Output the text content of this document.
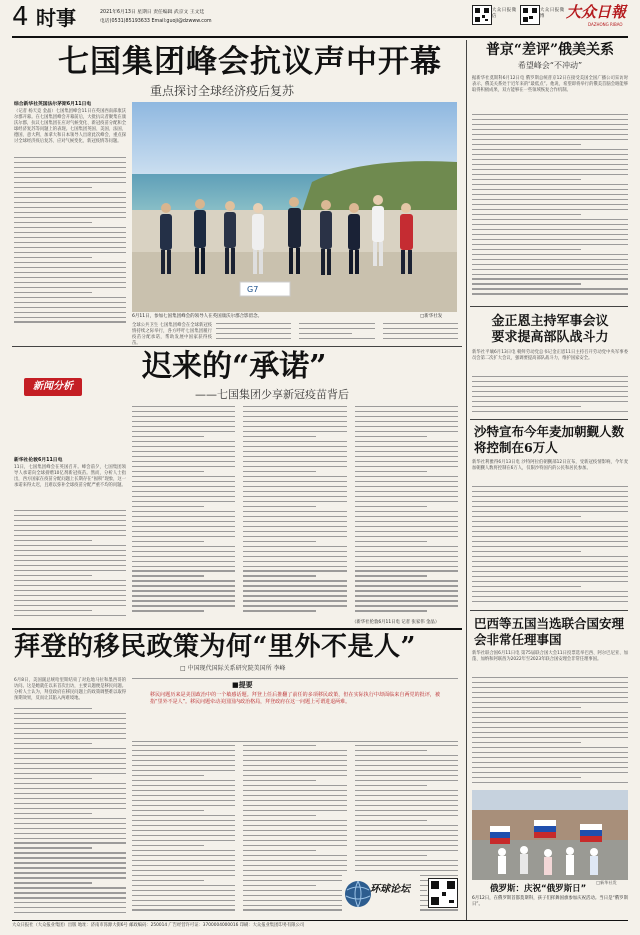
4 时事	2021年6月13日 星期日 责任编辑 武京文 王文廷
电话(0531)85193633 Email:guoji@dzwww.com
大众日报微信
大众日报微博	大众日報
DAZHONG RIBAO
七国集团峰会抗议声中开幕
重点探讨全球经济疫后复苏
综合新华社英国法尔茅斯6月11日电
（记者 杨天竞 金晶）七国集团峰会11日在英国西南部康沃尔郡开幕。在七国集团峰会开幕前后，大批抗议者聚集在康沃尔郡，抗议七国集团在应对气候变化、新冠疫苗分配和全球经济复苏等问题上的表现。七国集团英国、美国、法国、德国、意大利、加拿大和日本领导人出席此次峰会，重点探讨全球经济疫后复苏、应对气候变化、新冠疫情等问题。
G7
6月11日，参加七国集团峰会的领导人在英国康沃尔郡合影留念。	□新华社发
全球公共卫生 七国集团峰会在全球新冠疫情持续之际举行，各方呼吁七国集团履行疫苗分配承诺，帮助发展中国家获得疫苗。
新闻分析
迟来的“承诺”
——七国集团少享新冠疫苗背后
新华社伦敦6月11日电
11日，七国集团峰会在英国召开。峰会前夕，七国集团领导人承诺向全球捐赠10亿剂新冠疫苗。然而，分析人士指出，西方国家在疫苗分配问题上长期存在“囤积”现象，这一承诺来得太迟，且难以弥补全球疫苗分配严重不均的问题。
（新华社伦敦6月11日电 记者 张家伟 金晶）
拜登的移民政策为何“里外不是人”
□ 中国现代国际关系研究院美国所 李峰
6月8日，美国副总统哈里斯结束了对危地马拉和墨西哥的访问。这是她就任以来首次出访，主要议题便是移民问题。分析人士认为，拜登政府在移民问题上的政策调整难以取得预期效果，反而让其陷入两难境地。
■提要
移民问题历来是美国政治中的一个敏感话题。拜登上任后推翻了前任的多项移民政策，但在实际执行中却面临来自两党的批评，被指“里外不是人”。移民问题牵动美国国内政治格局，拜登政府在这一问题上可谓进退两难。
环球论坛
普京“差评”俄美关系
希望峰会“不冲动”
据新华社莫斯科6月12日电 俄罗斯总统普京12日在接受美国全国广播公司采访时表示，俄美关系处于近年来的“最低点”。他说，希望即将举行的俄美首脑会晤能够取得积极成果，双方能够在一些领域恢复合作机制。
金正恩主持军事会议
要求提高部队战斗力
新华社平壤6月13日电 朝鲜劳动党总书记金正恩11日主持召开劳动党中央军事委员会第二次扩大会议，强调要提高部队战斗力，维护国家安全。
沙特宣布今年麦加朝觐人数将控制在6万人
新华社利雅得6月13日电 沙特阿拉伯朝觐部12日宣布，受新冠疫情影响，今年麦加朝觐人数将控制在6万人，仅限沙特国内的公民和居民参加。
巴西等五国当选联合国安理会非常任理事国
新华社联合国6月11日电 第75届联合国大会11日投票选举巴西、阿尔巴尼亚、加蓬、加纳和阿联酋为2022年至2023年联合国安理会非常任理事国。
俄罗斯：庆祝“俄罗斯日”
6月12日，在俄罗斯首都莫斯科，孩子们挥舞国旗参加庆祝活动。当日是“俄罗斯日”。
□新华社发
大众日报社（大众报业集团）出版 地址：济南市泺源大街6号 邮政编码：250014 广告经营许可证：3700004000016 印刷：大众报业集团印务有限公司
